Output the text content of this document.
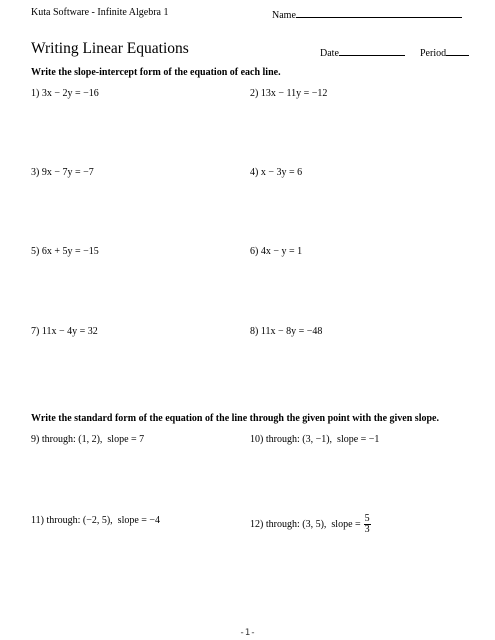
Kuta Software - Infinite Algebra 1	Name
Writing Linear Equations	Date	Period
Write the slope-intercept form of the equation of each line.
1) 3x − 2y = −16	2) 13x − 11y = −12
3) 9x − 7y = −7	4) x − 3y = 6
5) 6x + 5y = −15	6) 4x − y = 1
7) 11x − 4y = 32	8) 11x − 8y = −48
Write the standard form of the equation of the line through the given point with the given slope.
9) through: (1, 2), slope = 7	10) through: (3, −1), slope = −1
11) through: (−2, 5), slope = −4	12) through: (3, 5), slope = $\frac{5}{3}$
-1-
